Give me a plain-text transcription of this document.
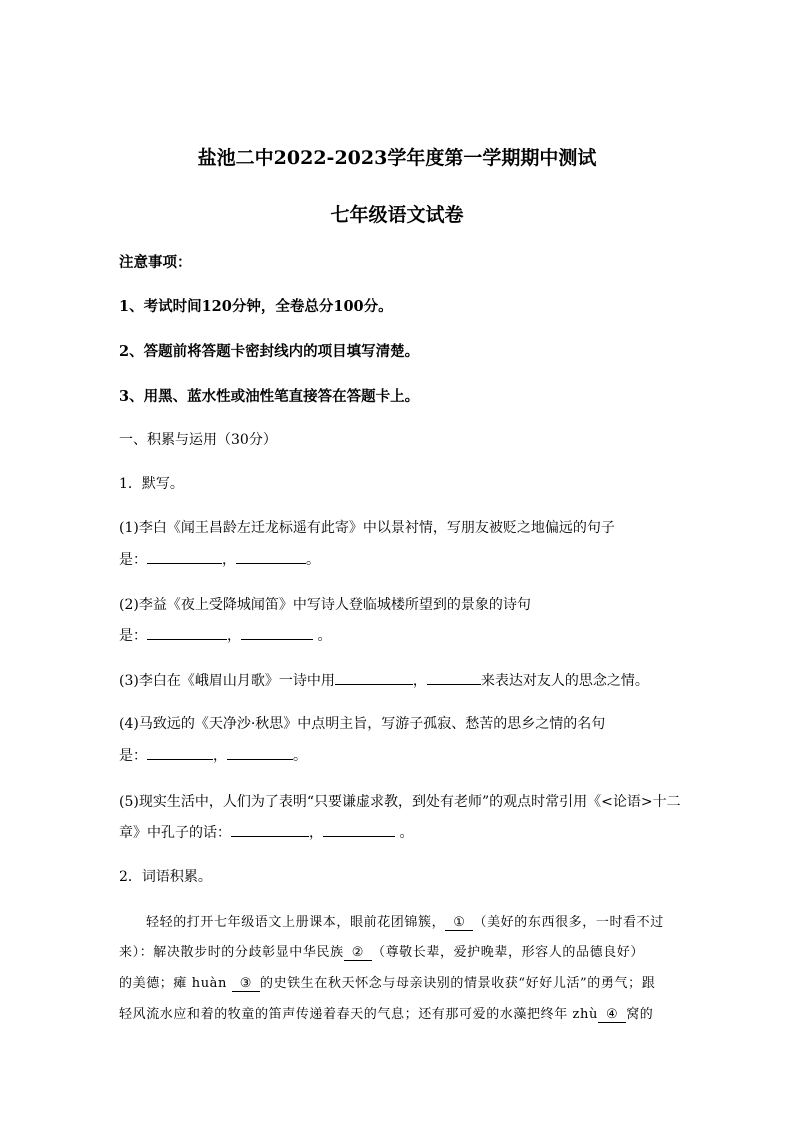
盐池二中2022-2023学年度第一学期期中测试
七年级语文试卷
注意事项：
1、考试时间120分钟，全卷总分100分。
2、答题前将答题卡密封线内的项目填写清楚。
3、用黑、蓝水性或油性笔直接答在答题卡上。
一、积累与运用（30分）
1．默写。
(1)李白《闻王昌龄左迁龙标遥有此寄》中以景衬情，写朋友被贬之地偏远的句子
是：	，	。
(2)李益《夜上受降城闻笛》中写诗人登临城楼所望到的景象的诗句
是：	，	。
(3)李白在《峨眉山月歌》一诗中用	，	来表达对友人的思念之情。
(4)马致远的《天净沙·秋思》中点明主旨，写游子孤寂、愁苦的思乡之情的名句
是：	，	。
(5)现实生活中，人们为了表明“只要谦虚求教，到处有老师”的观点时常引用《<论语>十二
章》中孔子的话：	，	。
2．词语积累。
轻轻的打开七年级语文上册课本，眼前花团锦簇， ① （美好的东西很多，一时看不过
来）：解决散步时的分歧彰显中华民族 ② （尊敬长辈，爱护晚辈，形容人的品德良好）
的美德；瘫 huàn ③ 的史铁生在秋天怀念与母亲诀别的情景收获“好好儿活”的勇气；跟
轻风流水应和着的牧童的笛声传递着春天的气息；还有那可爱的水藻把终年 zhù ④ 窝的
